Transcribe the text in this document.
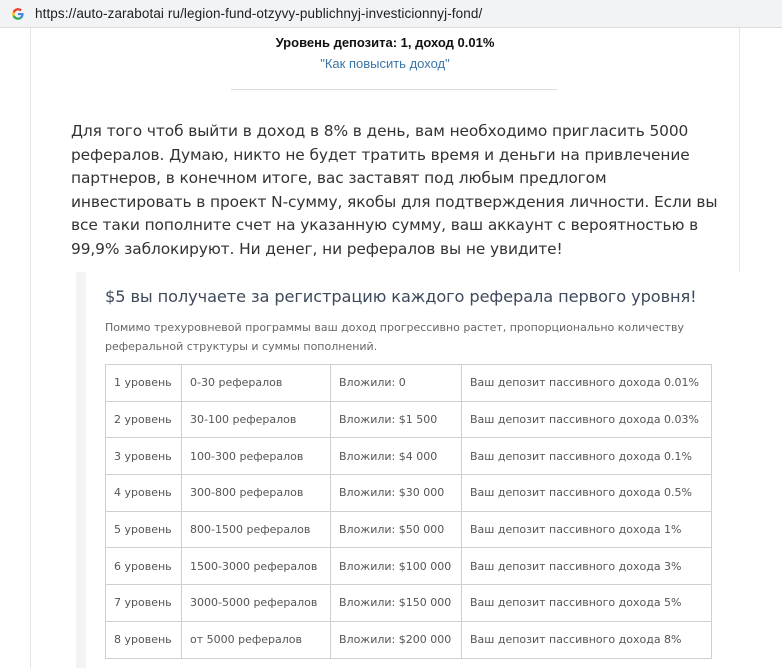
https://auto-zarabotai ru/legion-fund-otzyvy-publichnyj-investicionnyj-fond/
Уровень депозита: 1, доход 0.01%
"Как повысить доход"

Для того чтоб выйти в доход в 8% в день, вам необходимо пригласить 5000 рефералов. Думаю, никто не будет тратить время и деньги на привлечение партнеров, в конечном итоге, вас заставят под любым предлогом инвестировать в проект N-сумму, якобы для подтверждения личности. Если вы все таки пополните счет на указанную сумму, ваш аккаунт с вероятностью в 99,9% заблокируют. Ни денег, ни рефералов вы не увидите!

$5 вы получаете за регистрацию каждого реферала первого уровня!
Помимо трехуровневой программы ваш доход прогрессивно растет, пропорционально количеству реферальной структуры и суммы пополнений.
1 уровень	0-30 рефералов	Вложили: 0	Ваш депозит пассивного дохода 0.01%
2 уровень	30-100 рефералов	Вложили: $1 500	Ваш депозит пассивного дохода 0.03%
3 уровень	100-300 рефералов	Вложили: $4 000	Ваш депозит пассивного дохода 0.1%
4 уровень	300-800 рефералов	Вложили: $30 000	Ваш депозит пассивного дохода 0.5%
5 уровень	800-1500 рефералов	Вложили: $50 000	Ваш депозит пассивного дохода 1%
6 уровень	1500-3000 рефералов	Вложили: $100 000	Ваш депозит пассивного дохода 3%
7 уровень	3000-5000 рефералов	Вложили: $150 000	Ваш депозит пассивного дохода 5%
8 уровень	от 5000 рефералов	Вложили: $200 000	Ваш депозит пассивного дохода 8%
